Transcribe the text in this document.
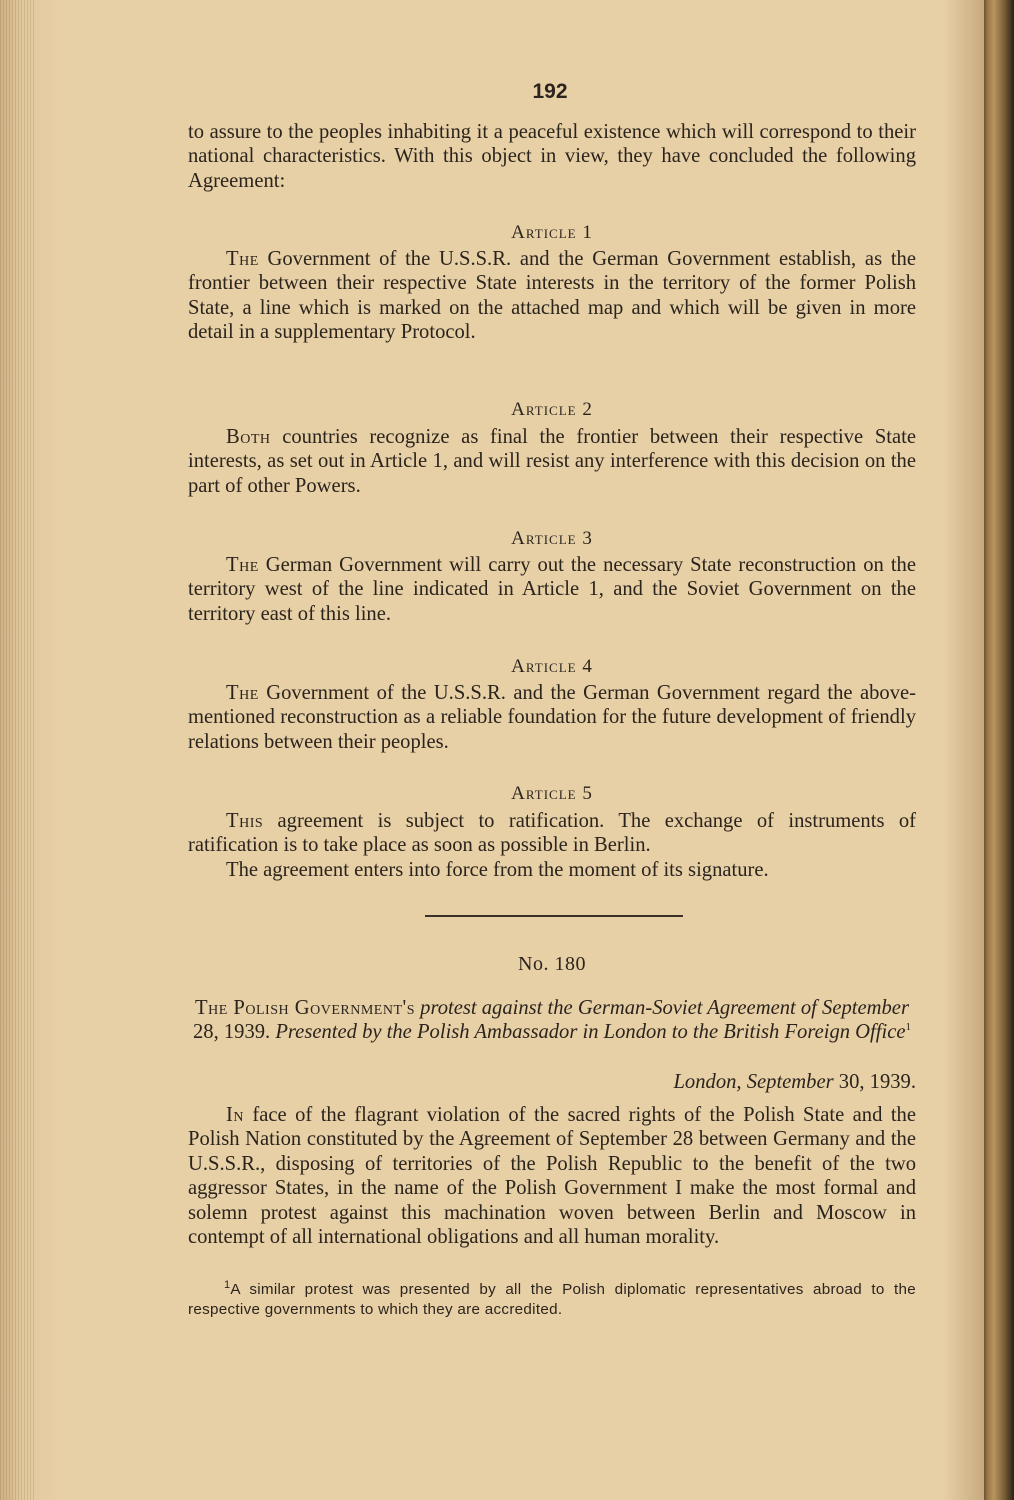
192

to assure to the peoples inhabiting it a peaceful existence which will correspond to their national characteristics. With this object in view, they have concluded the following Agreement:

Article 1

The Government of the U.S.S.R. and the German Government establish, as the frontier between their respective State interests in the territory of the former Polish State, a line which is marked on the attached map and which will be given in more detail in a supplementary Protocol.

Article 2

Both countries recognize as final the frontier between their respective State interests, as set out in Article 1, and will resist any interference with this decision on the part of other Powers.

Article 3

The German Government will carry out the necessary State reconstruction on the territory west of the line indicated in Article 1, and the Soviet Government on the territory east of this line.

Article 4

The Government of the U.S.S.R. and the German Government regard the above-mentioned reconstruction as a reliable foundation for the future development of friendly relations between their peoples.

Article 5

This agreement is subject to ratification. The exchange of instruments of ratification is to take place as soon as possible in Berlin.

The agreement enters into force from the moment of its signature.

No. 180

The Polish Government's protest against the German-Soviet Agreement of September 28, 1939. Presented by the Polish Ambassador in London to the British Foreign Office$^1$

London, September 30, 1939.

In face of the flagrant violation of the sacred rights of the Polish State and the Polish Nation constituted by the Agreement of September 28 between Germany and the U.S.S.R., disposing of territories of the Polish Republic to the benefit of the two aggressor States, in the name of the Polish Government I make the most formal and solemn protest against this machination woven between Berlin and Moscow in contempt of all international obligations and all human morality.

$^1$A similar protest was presented by all the Polish diplomatic representatives abroad to the respective governments to which they are accredited.
